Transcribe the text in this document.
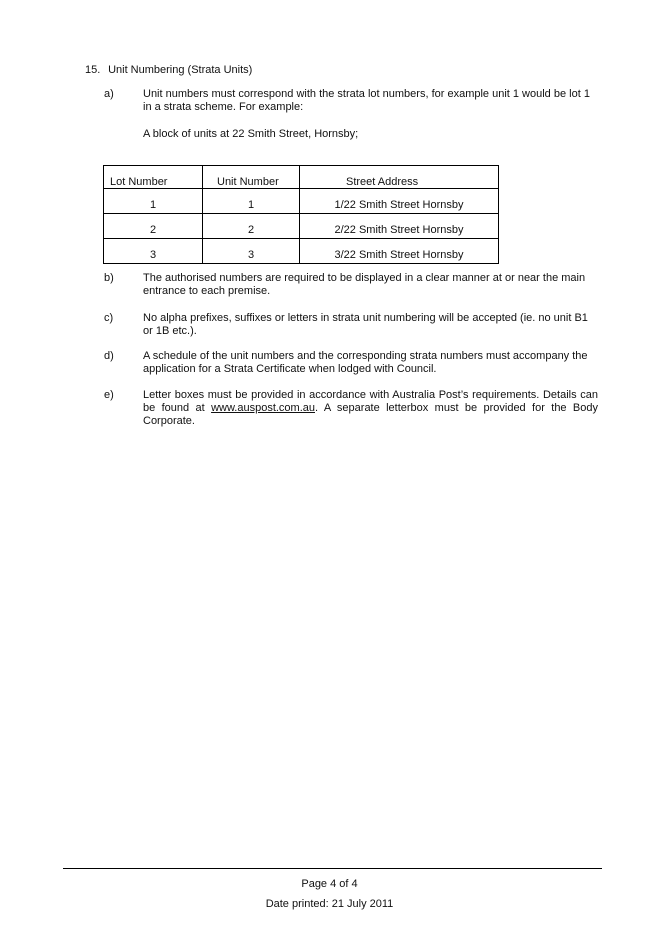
15. Unit Numbering (Strata Units)
a)	Unit numbers must correspond with the strata lot numbers, for example unit 1 would be lot 1 in a strata scheme. For example:
A block of units at 22 Smith Street, Hornsby;
Lot Number	Unit Number	Street Address
1	1	1/22 Smith Street Hornsby
2	2	2/22 Smith Street Hornsby
3	3	3/22 Smith Street Hornsby
b)	The authorised numbers are required to be displayed in a clear manner at or near the main entrance to each premise.
c)	No alpha prefixes, suffixes or letters in strata unit numbering will be accepted (ie. no unit B1 or 1B etc.).
d)	A schedule of the unit numbers and the corresponding strata numbers must accompany the application for a Strata Certificate when lodged with Council.
e)	Letter boxes must be provided in accordance with Australia Post’s requirements. Details can be found at www.auspost.com.au. A separate letterbox must be provided for the Body Corporate.
Page 4 of 4
Date printed: 21 July 2011
